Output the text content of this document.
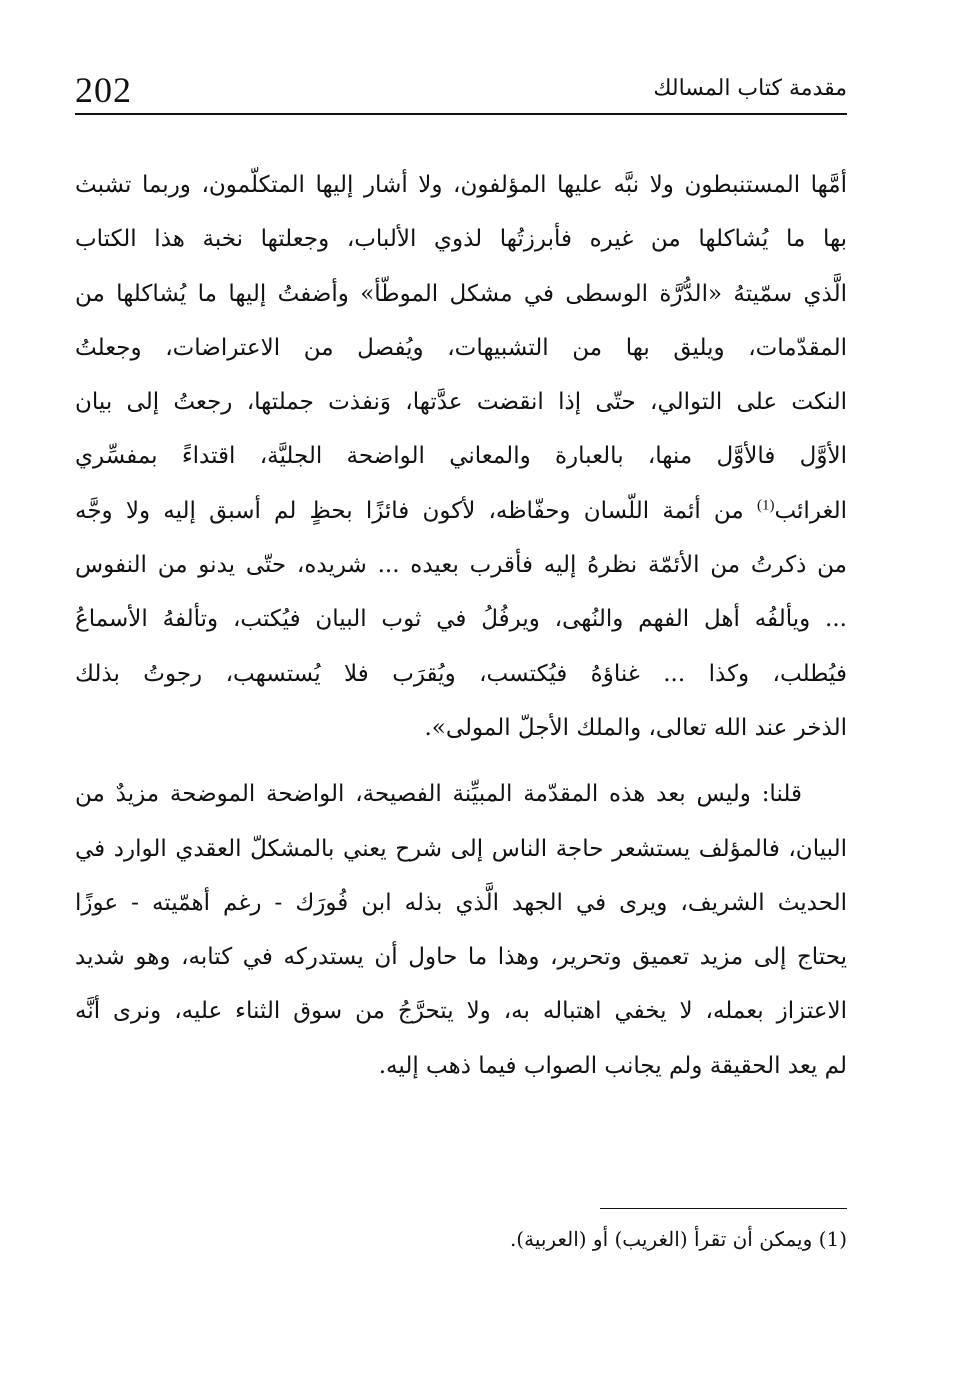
202	مقدمة كتاب المسالك
أمَّها المستنبطون ولا نبَّه عليها المؤلفون، ولا أشار إليها المتكلّمون، وربما تشبث
بها ما يُشاكلها من غيره فأبرزتُها لذوي الألباب، وجعلتها نخبة هذا الكتاب
الَّذي سمّيتهُ «الدُّرَّة الوسطى في مشكل الموطّأ» وأضفتُ إليها ما يُشاكلها من
المقدّمات، ويليق بها من التشبيهات، ويُفصل من الاعتراضات، وجعلتُ
النكت على التوالي، حتّى إذا انقضت عدَّتها، وَنفذت جملتها، رجعتُ إلى بيان
الأوَّل فالأوَّل منها، بالعبارة والمعاني الواضحة الجليَّة، اقتداءً بمفسِّري
الغرائب$^{(1)}$ من أئمة اللّسان وحفّاظه، لأكون فائزًا بحظٍ لم أسبق إليه ولا وجَّه
من ذكرتُ من الأئمّة نظرهُ إليه فأقرب بعيده ... شريده، حتّى يدنو من النفوس
... ويألفُه أهل الفهم والنُهى، ويرفُلُ في ثوب البيان فيُكتب، وتألفهُ الأسماعُ
فيُطلب، وكذا ... غناؤهُ فيُكتسب، ويُقرَب فلا يُستسهب، رجوتُ بذلك
الذخر عند الله تعالى، والملك الأجلّ المولى».
قلنا: وليس بعد هذه المقدّمة المبيِّنة الفصيحة، الواضحة الموضحة مزيدٌ من
البيان، فالمؤلف يستشعر حاجة الناس إلى شرح يعني بالمشكلّ العقدي الوارد في
الحديث الشريف، ويرى في الجهد الَّذي بذله ابن فُورَك - رغم أهمّيته - عوزًا
يحتاج إلى مزيد تعميق وتحرير، وهذا ما حاول أن يستدركه في كتابه، وهو شديد
الاعتزاز بعمله، لا يخفي اهتباله به، ولا يتحرَّجُ من سوق الثناء عليه، ونرى أنَّه
لم يعد الحقيقة ولم يجانب الصواب فيما ذهب إليه.
(1) ويمكن أن تقرأ (الغريب) أو (العربية).
